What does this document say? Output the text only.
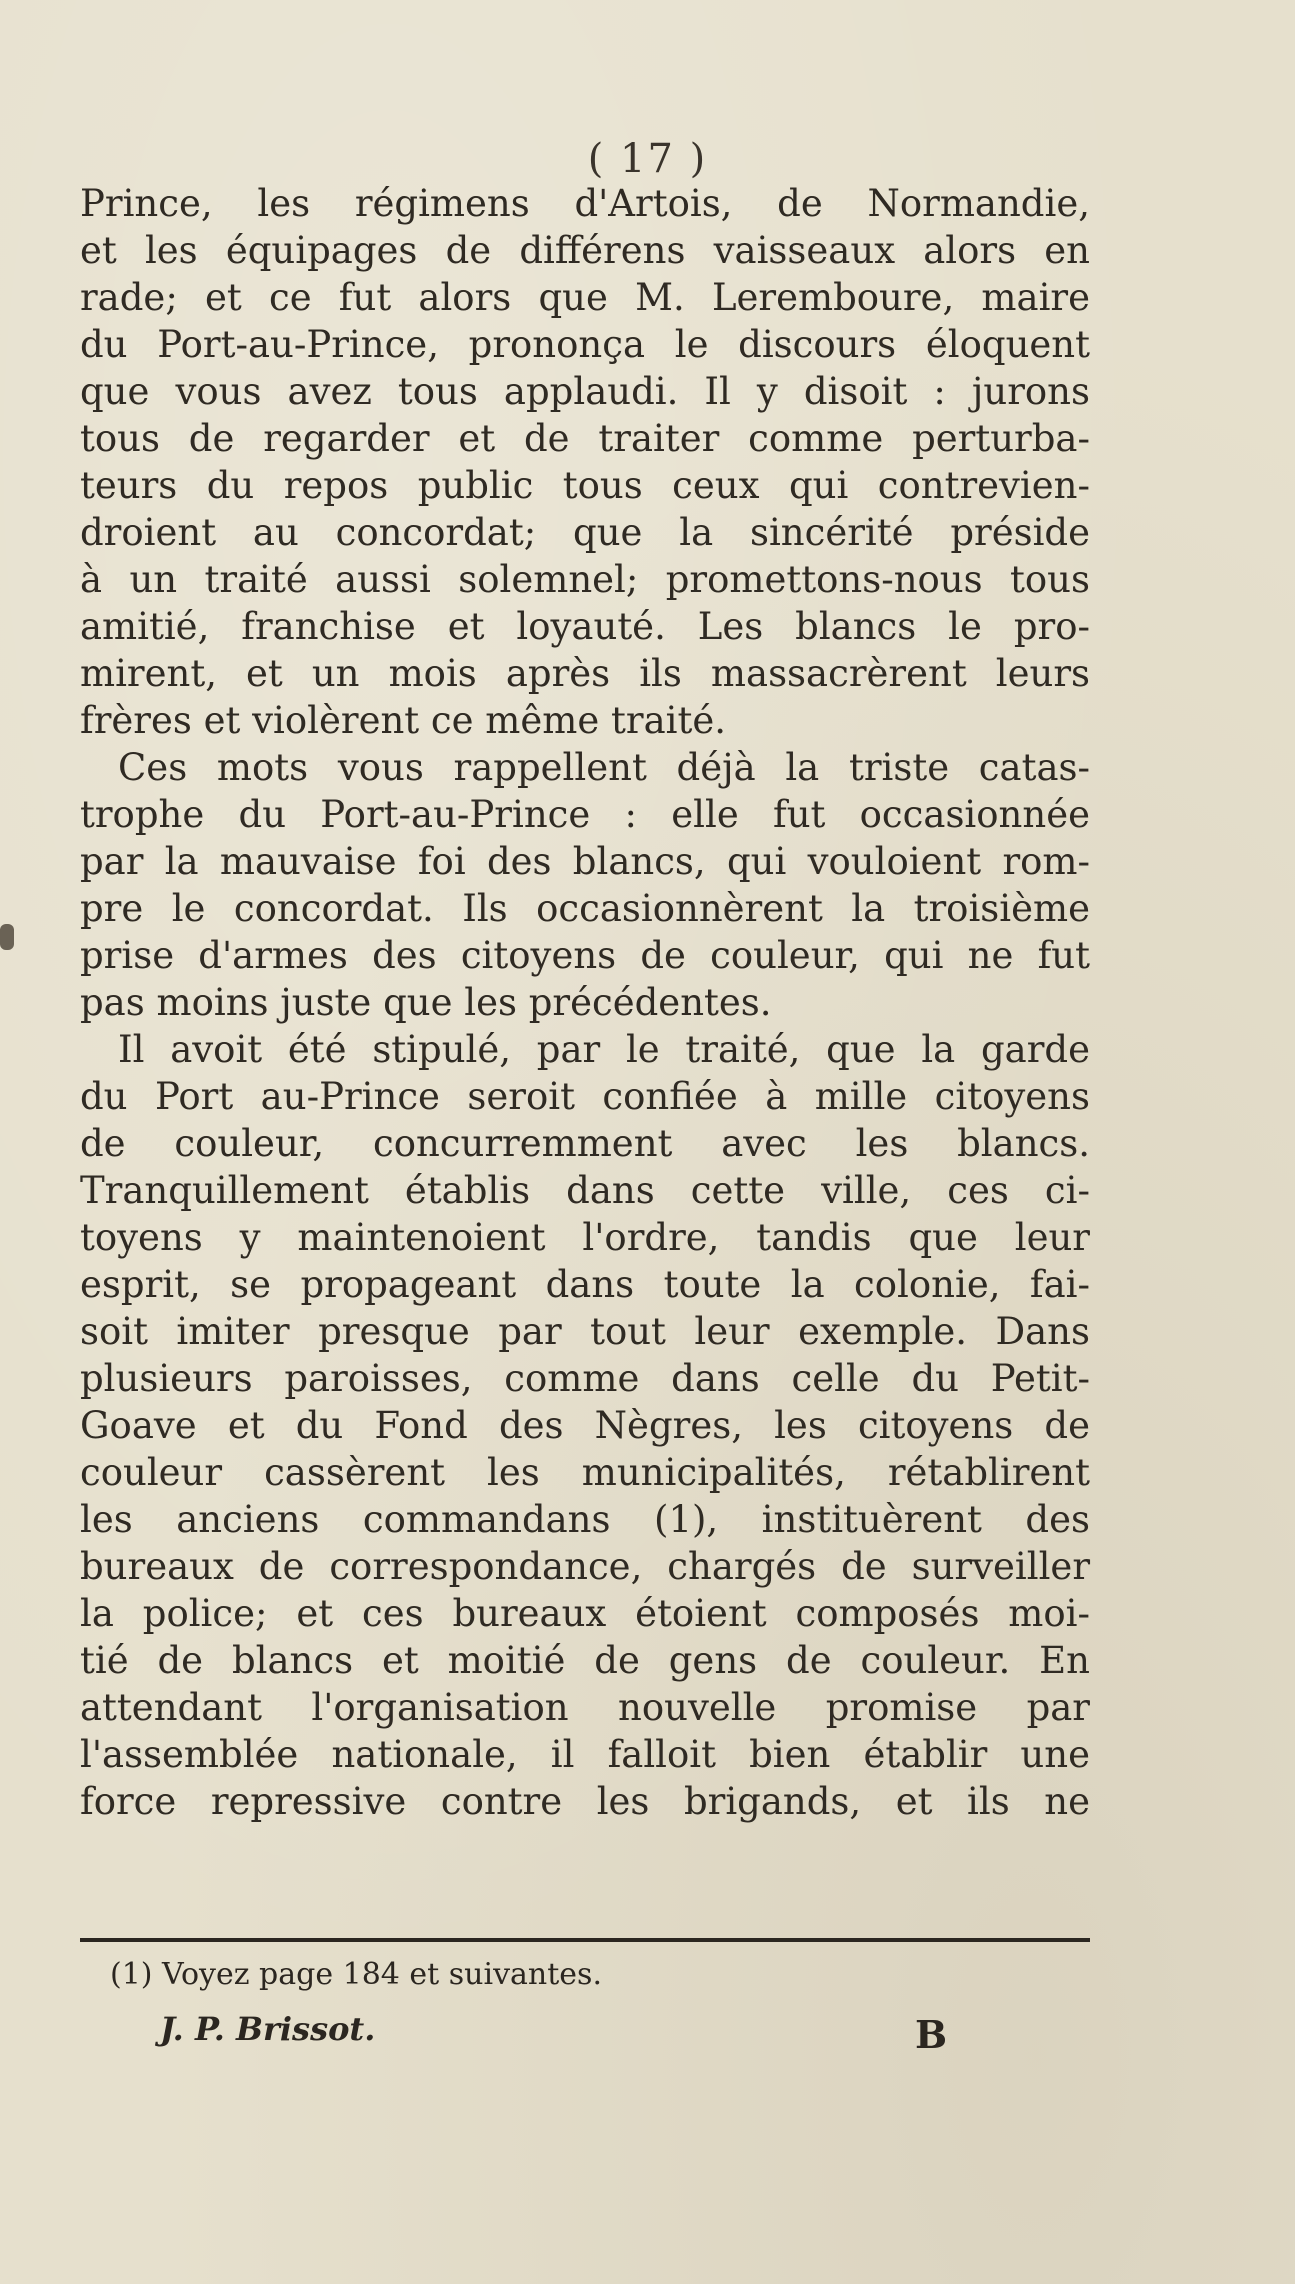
( 17 )
Prince, les régimens d'Artois, de Normandie,
et les équipages de différens vaisseaux alors en
rade; et ce fut alors que M. Leremboure, maire
du Port-au-Prince, prononça le discours éloquent
que vous avez tous applaudi. Il y disoit : jurons
tous de regarder et de traiter comme perturba-
teurs du repos public tous ceux qui contrevien-
droient au concordat; que la sincérité préside
à un traité aussi solemnel; promettons-nous tous
amitié, franchise et loyauté. Les blancs le pro-
mirent, et un mois après ils massacrèrent leurs
frères et violèrent ce même traité.
Ces mots vous rappellent déjà la triste catas-
trophe du Port-au-Prince : elle fut occasionnée
par la mauvaise foi des blancs, qui vouloient rom-
pre le concordat. Ils occasionnèrent la troisième
prise d'armes des citoyens de couleur, qui ne fut
pas moins juste que les précédentes.
Il avoit été stipulé, par le traité, que la garde
du Port au-Prince seroit confiée à mille citoyens
de couleur, concurremment avec les blancs.
Tranquillement établis dans cette ville, ces ci-
toyens y maintenoient l'ordre, tandis que leur
esprit, se propageant dans toute la colonie, fai-
soit imiter presque par tout leur exemple. Dans
plusieurs paroisses, comme dans celle du Petit-
Goave et du Fond des Nègres, les citoyens de
couleur cassèrent les municipalités, rétablirent
les anciens commandans (1), instituèrent des
bureaux de correspondance, chargés de surveiller
la police; et ces bureaux étoient composés moi-
tié de blancs et moitié de gens de couleur. En
attendant l'organisation nouvelle promise par
l'assemblée nationale, il falloit bien établir une
force repressive contre les brigands, et ils ne
(1) Voyez page 184 et suivantes.
J. P. Brissot.	B
